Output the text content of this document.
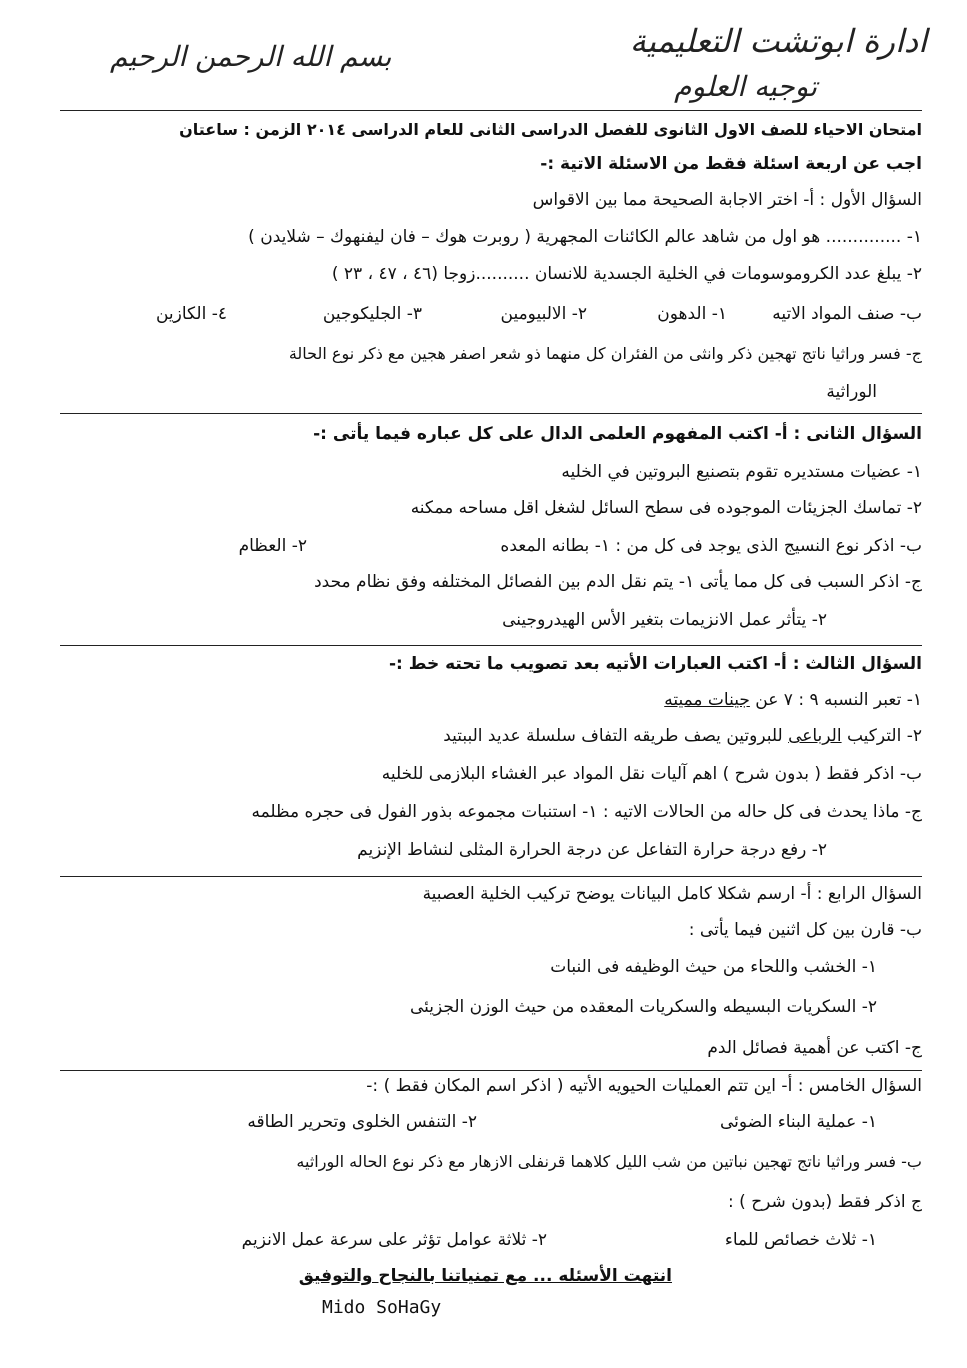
ادارة ابوتشت التعليمية
بسم الله الرحمن الرحيم
توجيه العلوم
امتحان الاحياء للصف الاول الثانوى للفصل الدراسى الثانى للعام الدراسى ٢٠١٤ الزمن : ساعتان
اجب عن اربعة اسئلة فقط من الاسئلة الاتية :-
السؤال الأول : أ- اختر الاجابة الصحيحة مما بين الاقواس
١- .............. هو اول من شاهد عالم الكائنات المجهرية ( روبرت هوك – فان ليفنهوك – شلايدن )
٢- يبلغ عدد الكروموسومات في الخلية الجسدية للانسان ..........زوجا (٤٦ ، ٤٧ ، ٢٣ )
ب- صنف المواد الاتيه
١- الدهون
٢- الالبيومين
٣- الجليكوجين
٤- الكازين
ج- فسر وراثيا ناتج تهجين ذكر وانثى من الفئران كل منهما ذو شعر اصفر هجين مع ذكر نوع الحالة
الوراثية
السؤال الثانى : أ- اكتب المفهوم العلمى الدال على كل عباره فيما يأتى :-
١- عضيات مستديره تقوم بتصنيع البروتين في الخليه
٢- تماسك الجزيئات الموجوده فى سطح السائل لشغل اقل مساحه ممكنه
ب- اذكر نوع النسيج الذى يوجد فى كل من : ١- بطانه المعده
٢- العظام
ج- اذكر السبب فى كل مما يأتى ١- يتم نقل الدم بين الفصائل المختلفه وفق نظام محدد
٢- يتأثر عمل الانزيمات بتغير الأس الهيدروجينى
السؤال الثالث : أ- اكتب العبارات الأتيه بعد تصويب ما تحته خط :-
١- تعبر النسبه ٩ : ٧ عن جينات مميته
٢- التركيب الرباعى للبروتين يصف طريقه التفاف سلسلة عديد الببتيد
ب- اذكر فقط ( بدون شرح ) اهم آليات نقل المواد عبر الغشاء البلازمى للخليه
ج- ماذا يحدث فى كل حاله من الحالات الاتيه : ١- استنبات مجموعه بذور الفول فى حجره مظلمه
٢- رفع درجة حرارة التفاعل عن درجة الحرارة المثلى لنشاط الإنزيم
السؤال الرابع : أ- ارسم شكلا كامل البيانات يوضح تركيب الخلية العصبية
ب- قارن بين كل اثنين فيما يأتى :
١- الخشب واللحاء من حيث الوظيفه فى النبات
٢- السكريات البسيطه والسكريات المعقده من حيث الوزن الجزيئى
ج- اكتب عن أهمية فصائل الدم
السؤال الخامس : أ- اين تتم العمليات الحيويه الأتيه ( اذكر اسم المكان فقط ) :-
١- عملية البناء الضوئى
٢- التنفس الخلوى وتحرير الطاقه
ب- فسر وراثيا ناتج تهجين نباتين من شب الليل كلاهما قرنفلى الازهار مع ذكر نوع الحاله الوراثيه
ج اذكر فقط (بدون شرح ) :
١- ثلاث خصائص للماء
٢- ثلاثة عوامل تؤثر على سرعة عمل الانزيم
انتهت الأسئله ... مع تمنياتنا بالنجاح والتوفيق
Mido SoHaGy
